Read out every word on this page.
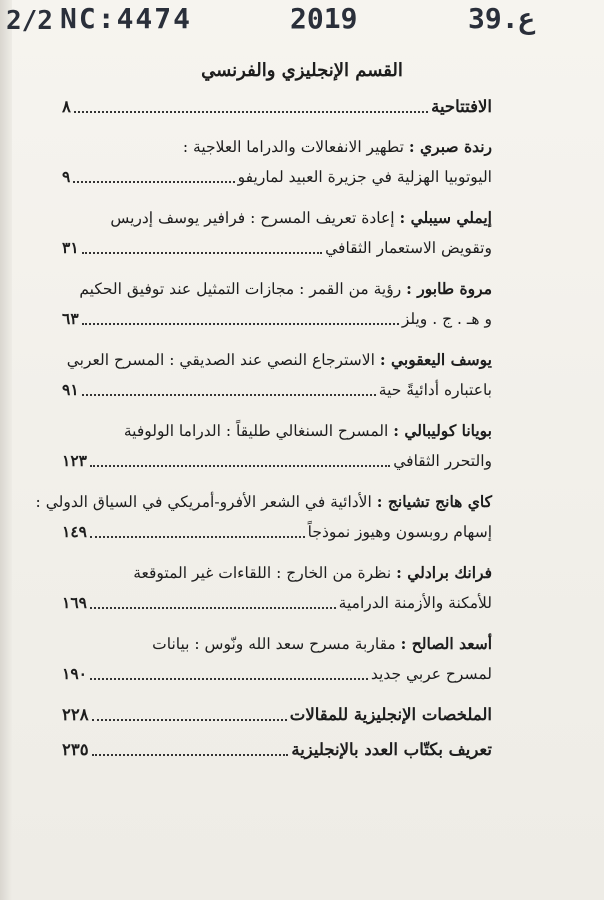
2/2 NC:4474	2019	39.ع
القسم الإنجليزي والفرنسي
الافتتاحية
٨
رندة صبري : تطهير الانفعالات والدراما العلاجية :
اليوتوبيا الهزلية في جزيرة العبيد لماريفو
٩
إيملي سيبلي : إعادة تعريف المسرح : فرافير يوسف إدريس
وتقويض الاستعمار الثقافي
٣١
مروة طابور : رؤية من القمر : مجازات التمثيل عند توفيق الحكيم
و هـ . ج . ويلز
٦٣
يوسف اليعقوبي : الاسترجاع النصي عند الصديقي : المسرح العربي
باعتباره أدائيةً حية
٩١
بويانا كوليبالي : المسرح السنغالي طليقاً : الدراما الولوفية
والتحرر الثقافي
١٢٣
كاي هانج تشيانج : الأدائية في الشعر الأفرو-أمريكي في السياق الدولي :
إسهام روبسون وهيوز نموذجاً
١٤٩
فرانك برادلي : نظرة من الخارج : اللقاءات غير المتوقعة
للأمكنة والأزمنة الدرامية
١٦٩
أسعد الصالح : مقاربة مسرح سعد الله ونّوس : بيانات
لمسرح عربي جديد
١٩٠
الملخصات الإنجليزية للمقالات
٢٢٨
تعريف بكتّاب العدد بالإنجليزية
٢٣٥
